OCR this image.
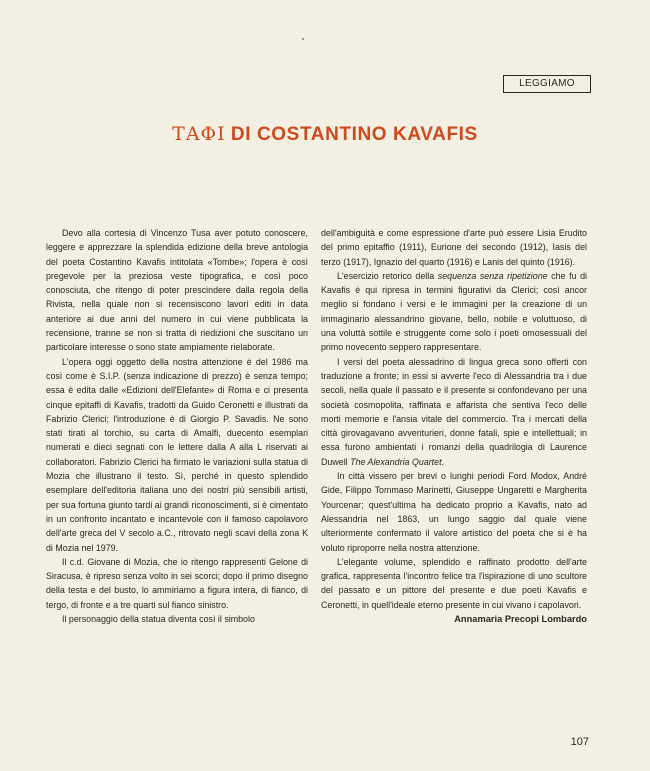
LEGGIAMO
ΤΑΦΙ DI COSTANTINO KAVAFIS

Devo alla cortesia di Vincenzo Tusa aver potuto conoscere, leggere e apprezzare la splendida edizione della breve antologia del poeta Costantino Kavafis intitolata «Tombe»; l'opera è così pregevole per la preziosa veste tipografica, e così poco conosciuta, che ritengo di poter prescindere dalla regola della Rivista, nella quale non si recensiscono lavori editi in data anteriore ai due anni del numero in cui viene pubblicata la recensione, tranne se non si tratta di riedizioni che suscitano un particolare interesse o sono state ampiamente rielaborate.

L'opera oggi oggetto della nostra attenzione è del 1986 ma così come è S.I.P. (senza indicazione di prezzo) è senza tempo; essa è edita dalle «Edizioni dell'Elefante» di Roma e ci presenta cinque epitaffi di Kavafis, tradotti da Guido Ceronetti e illustrati da Fabrizio Clerici; l'introduzione è di Giorgio P. Savadis. Ne sono stati tirati al torchio, su carta di Amalfi, duecento esemplari numerati e dieci segnati con le lettere dalla A alla L riservati ai collaboratori. Fabrizio Clerici ha firmato le variazioni sulla statua di Mozia che illustrano il testo. Sì, perché in questo splendido esemplare dell'editoria italiana uno dei nostri più sensibili artisti, per sua fortuna giunto tardi ai grandi riconoscimenti, si è cimentato in un confronto incantato e incantevole con il famoso capolavoro dell'arte greca del V secolo a.C., ritrovato negli scavi della zona K di Mozia nel 1979.

Il c.d. Giovane di Mozia, che io ritengo rappresenti Gelone di Siracusa, è ripreso senza volto in sei scorci; dopo il primo disegno della testa e del busto, lo ammiriamo a figura intera, di fianco, di tergo, di fronte e a tre quarti sul fianco sinistro.

Il personaggio della statua diventa così il simbolo

dell'ambiguità e come espressione d'arte può essere Lisia Erudito del primo epitaffio (1911), Eurione del secondo (1912), Iasis del terzo (1917), Ignazio del quarto (1916) e Lanis del quinto (1916).

L'esercizio retorico della sequenza senza ripetizione che fu di Kavafis è qui ripresa in termini figurativi da Clerici; così ancor meglio si fondano i versi e le immagini per la creazione di un immaginario alessandrino giovane, bello, nobile e voluttuoso, di una voluttà sottile e struggente come solo i poeti omosessuali del primo novecento seppero rappresentare.

I versi del poeta alessadrino di lingua greca sono offerti con traduzione a fronte; in essi si avverte l'eco di Alessandria tra i due secoli, nella quale il passato e il presente si confondevano per una società cosmopolita, raffinata e affarista che sentiva l'eco delle morti memorie e l'ansia vitale del commercio. Tra i mercati della città girovagavano avventurieri, donne fatali, spie e intellettuali; in essa furono ambientati i romanzi della quadrilogia di Laurence Duwell The Alexandria Quartet.

In città vissero per brevi o lunghi periodi Ford Modox, André Gide, Filippo Tommaso Marinetti, Giuseppe Ungaretti e Margherita Yourcenar; quest'ultima ha dedicato proprio a Kavafis, nato ad Alessandria nel 1863, un lungo saggio dal quale viene ulteriormente confermato il valore artistico del poeta che si è ha voluto riproporre nella nostra attenzione.

L'elegante volume, splendido e raffinato prodotto dell'arte grafica, rappresenta l'incontro felice tra l'ispirazione di uno scultore del passato e un pittore del presente e due poeti Kavafis e Ceronetti, in quell'ideale eterno presente in cui vivano i capolavori.

Annamaria Precopi Lombardo
107
